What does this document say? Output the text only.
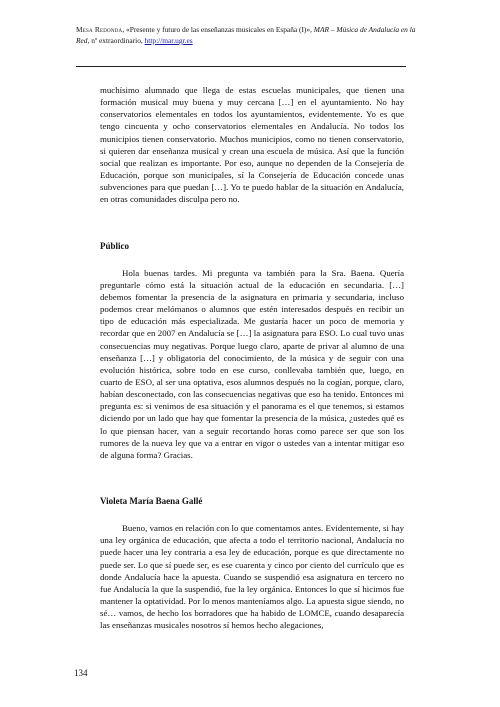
Mesa Redonda, «Presente y futuro de las enseñanzas musicales en España (I)», MAR – Música de Andalucía en la Red, nº extraordinario, http://mar.ugr.es

muchísimo alumnado que llega de estas escuelas municipales, que tienen una formación musical muy buena y muy cercana […] en el ayuntamiento. No hay conservatorios elementales en todos los ayuntamientos, evidentemente. Yo es que tengo cincuenta y ocho conservatorios elementales en Andalucía. No todos los municipios tienen conservatorio. Muchos municipios, como no tienen conservatorio, si quieren dar enseñanza musical y crean una escuela de música. Así que la función social que realizan es importante. Por eso, aunque no dependen de la Consejería de Educación, porque son municipales, sí la Consejería de Educación concede unas subvenciones para que puedan […]. Yo te puedo hablar de la situación en Andalucía, en otras comunidades disculpa pero no.

Público

Hola buenas tardes. Mi pregunta va también para la Sra. Baena. Quería preguntarle cómo está la situación actual de la educación en secundaria. […] debemos fomentar la presencia de la asignatura en primaria y secundaria, incluso podemos crear melómanos o alumnos que estén interesados después en recibir un tipo de educación más especializada. Me gustaría hacer un poco de memoria y recordar que en 2007 en Andalucía se […] la asignatura para ESO. Lo cual tuvo unas consecuencias muy negativas. Porque luego claro, aparte de privar al alumno de una enseñanza […] y obligatoria del conocimiento, de la música y de seguir con una evolución histórica, sobre todo en ese curso, conllevaba también que, luego, en cuarto de ESO, al ser una optativa, esos alumnos después no la cogían, porque, claro, habían desconectado, con las consecuencias negativas que eso ha tenido. Entonces mi pregunta es: si venimos de esa situación y el panorama es el que tenemos, si estamos diciendo por un lado que hay que fomentar la presencia de la música, ¿ustedes qué es lo que piensan hacer, van a seguir recortando horas como parece ser que son los rumores de la nueva ley que va a entrar en vigor o ustedes van a intentar mitigar eso de alguna forma? Gracias.

Violeta María Baena Gallé

Bueno, vamos en relación con lo que comentamos antes. Evidentemente, si hay una ley orgánica de educación, que afecta a todo el territorio nacional, Andalucía no puede hacer una ley contraria a esa ley de educación, porque es que directamente no puede ser. Lo que sí puede ser, es ese cuarenta y cinco por ciento del currículo que es donde Andalucía hace la apuesta. Cuando se suspendió esa asignatura en tercero no fue Andalucía la que la suspendió, fue la ley orgánica. Entonces lo que sí hicimos fue mantener la optatividad. Por lo menos manteníamos algo. La apuesta sigue siendo, no sé… vamos, de hecho los borradores que ha habido de LOMCE, cuando desaparecía las enseñanzas musicales nosotros sí hemos hecho alegaciones,

134
